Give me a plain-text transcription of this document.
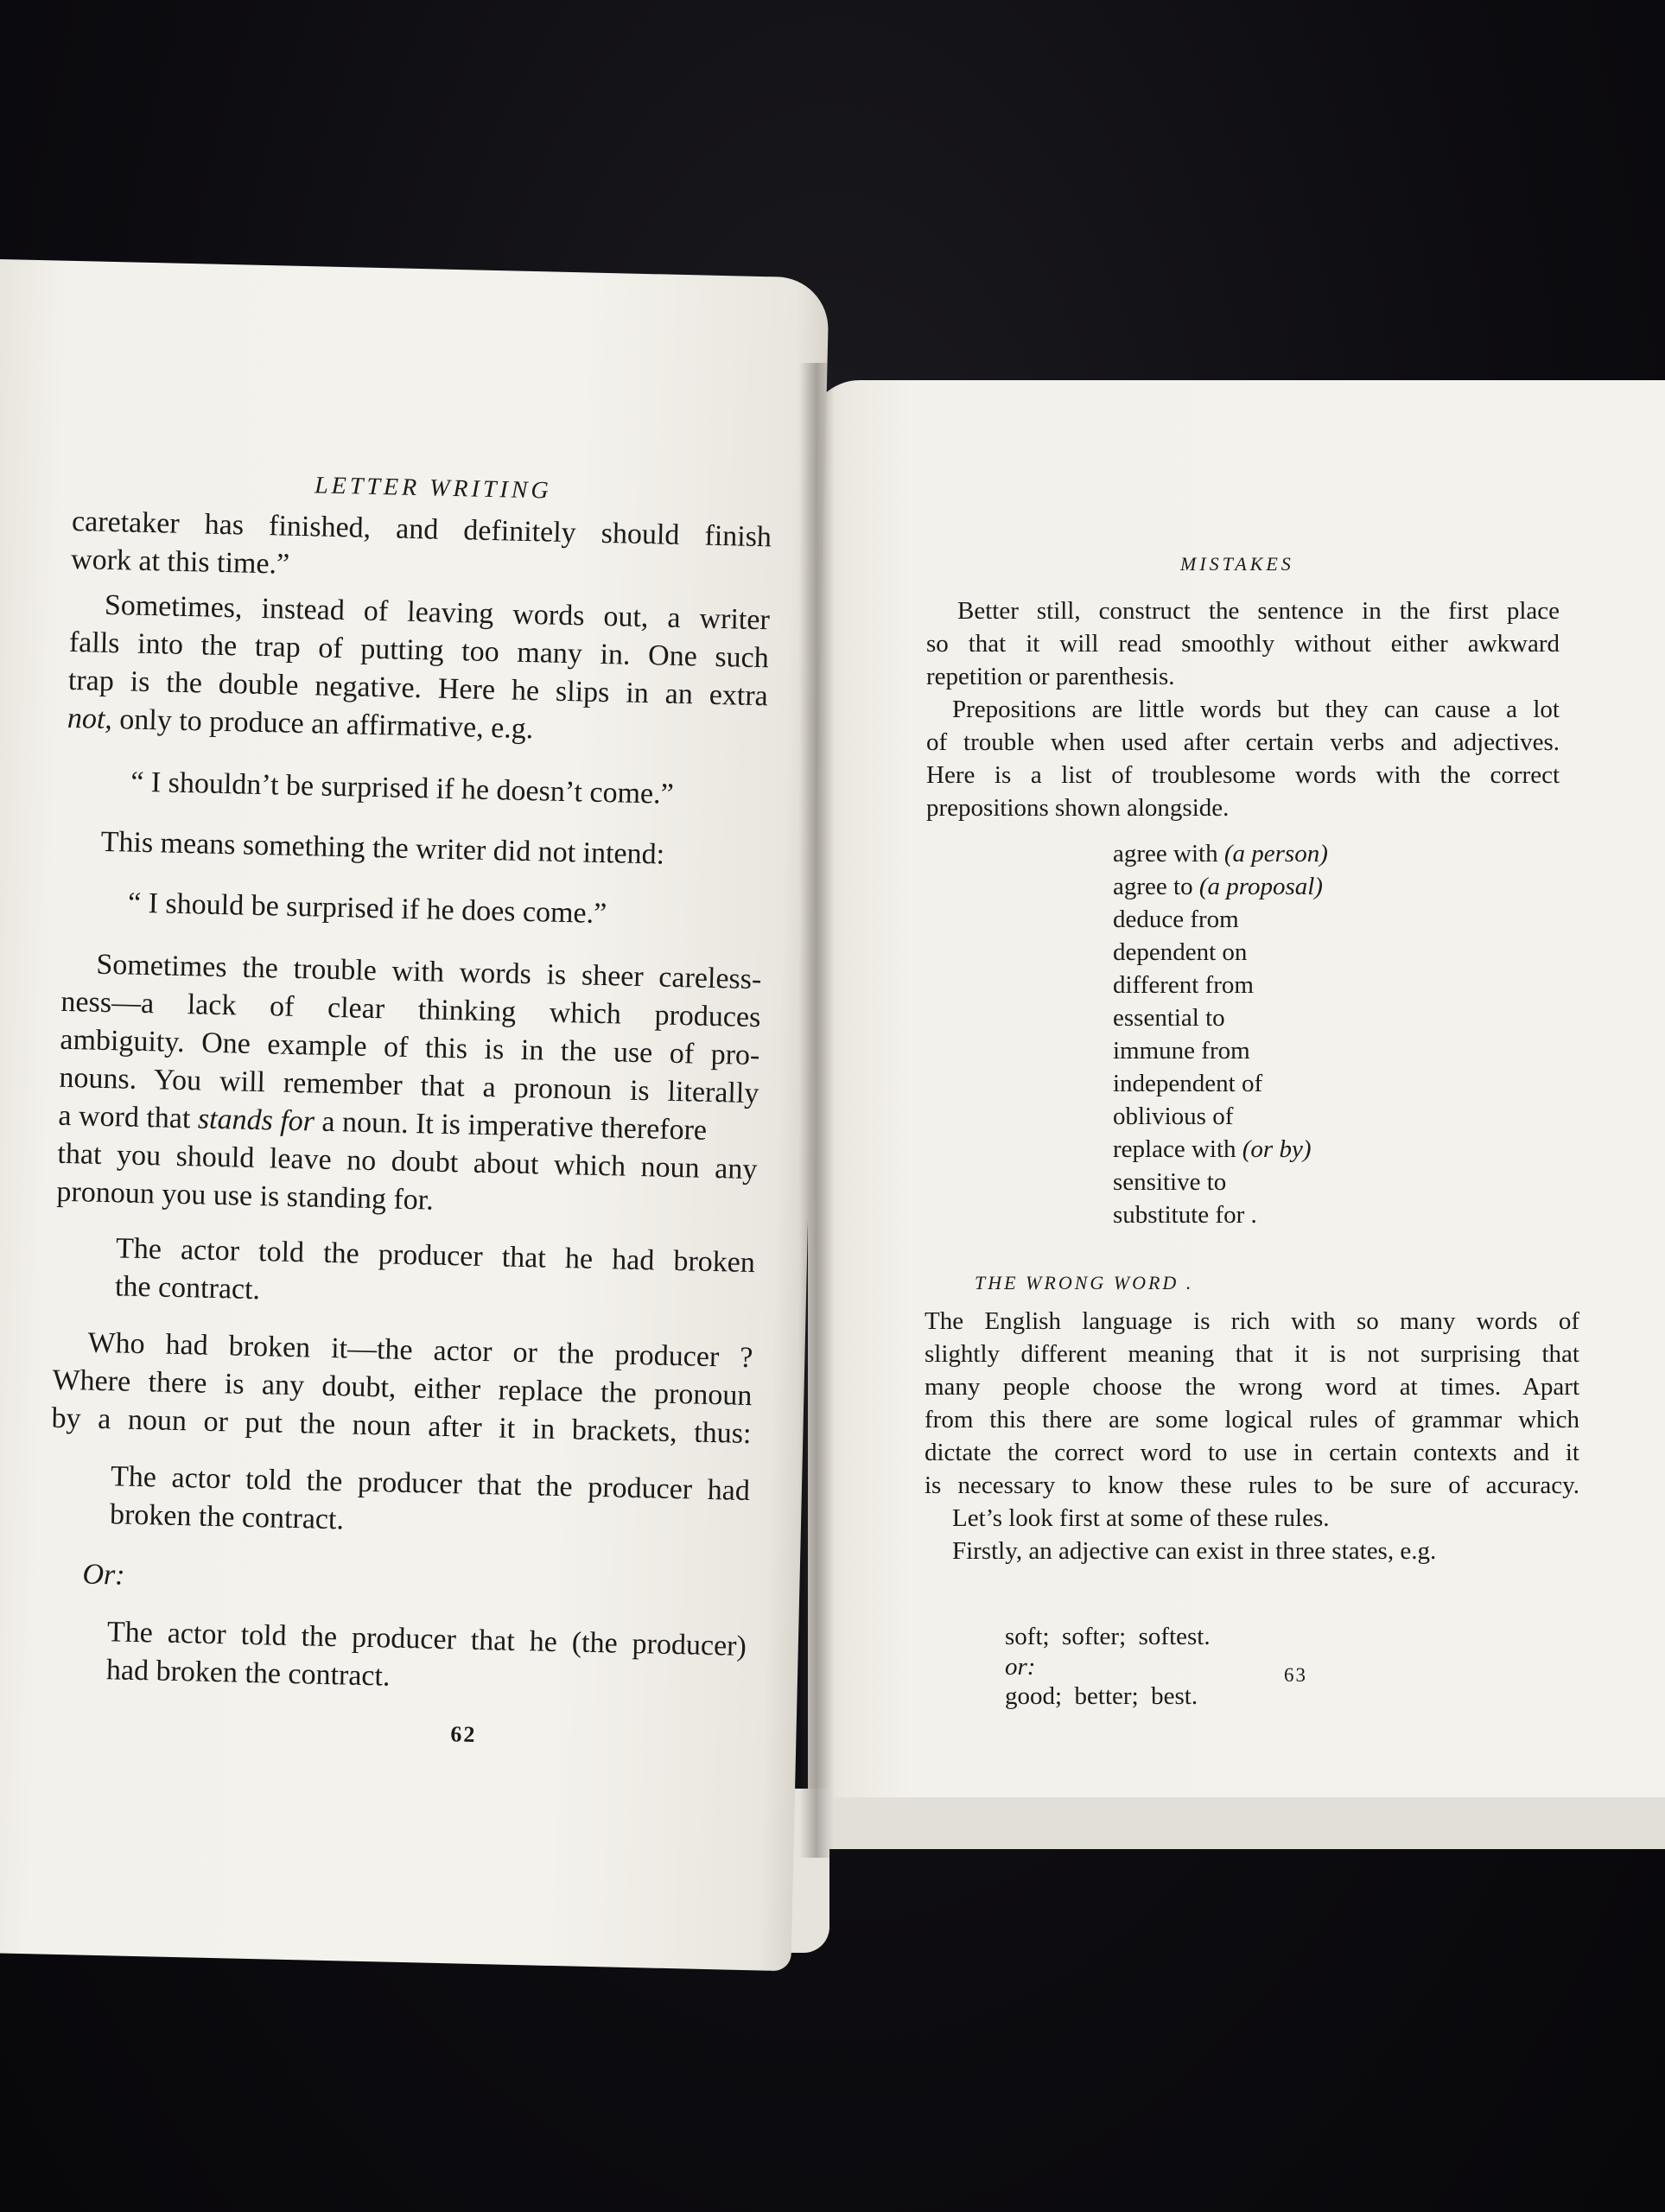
LETTER WRITING
caretaker has finished, and definitely should finish
work at this time.”
Sometimes, instead of leaving words out, a writer
falls into the trap of putting too many in. One such
trap is the double negative. Here he slips in an extra
not, only to produce an affirmative, e.g.
“ I shouldn’t be surprised if he doesn’t come.”
This means something the writer did not intend:
“ I should be surprised if he does come.”
Sometimes the trouble with words is sheer careless-
ness—a lack of clear thinking which produces
ambiguity. One example of this is in the use of pro-
nouns. You will remember that a pronoun is literally
a word that stands for a noun. It is imperative therefore
that you should leave no doubt about which noun any
pronoun you use is standing for.
The actor told the producer that he had broken
the contract.
Who had broken it—the actor or the producer ?
Where there is any doubt, either replace the pronoun
by a noun or put the noun after it in brackets, thus:
The actor told the producer that the producer had
broken the contract.
Or:
The actor told the producer that he (the producer)
had broken the contract.
62
MISTAKES
Better still, construct the sentence in the first place
so that it will read smoothly without either awkward
repetition or parenthesis.
Prepositions are little words but they can cause a lot
of trouble when used after certain verbs and adjectives.
Here is a list of troublesome words with the correct
prepositions shown alongside.
agree with (a person)
agree to (a proposal)
deduce from
dependent on
different from
essential to
immune from
independent of
oblivious of
replace with (or by)
sensitive to
substitute for .
THE WRONG WORD .
The English language is rich with so many words of
slightly different meaning that it is not surprising that
many people choose the wrong word at times. Apart
from this there are some logical rules of grammar which
dictate the correct word to use in certain contexts and it
is necessary to know these rules to be sure of accuracy.
Let’s look first at some of these rules.
Firstly, an adjective can exist in three states, e.g.

soft;  softer;  softest.
or:
good;  better;  best.

63
